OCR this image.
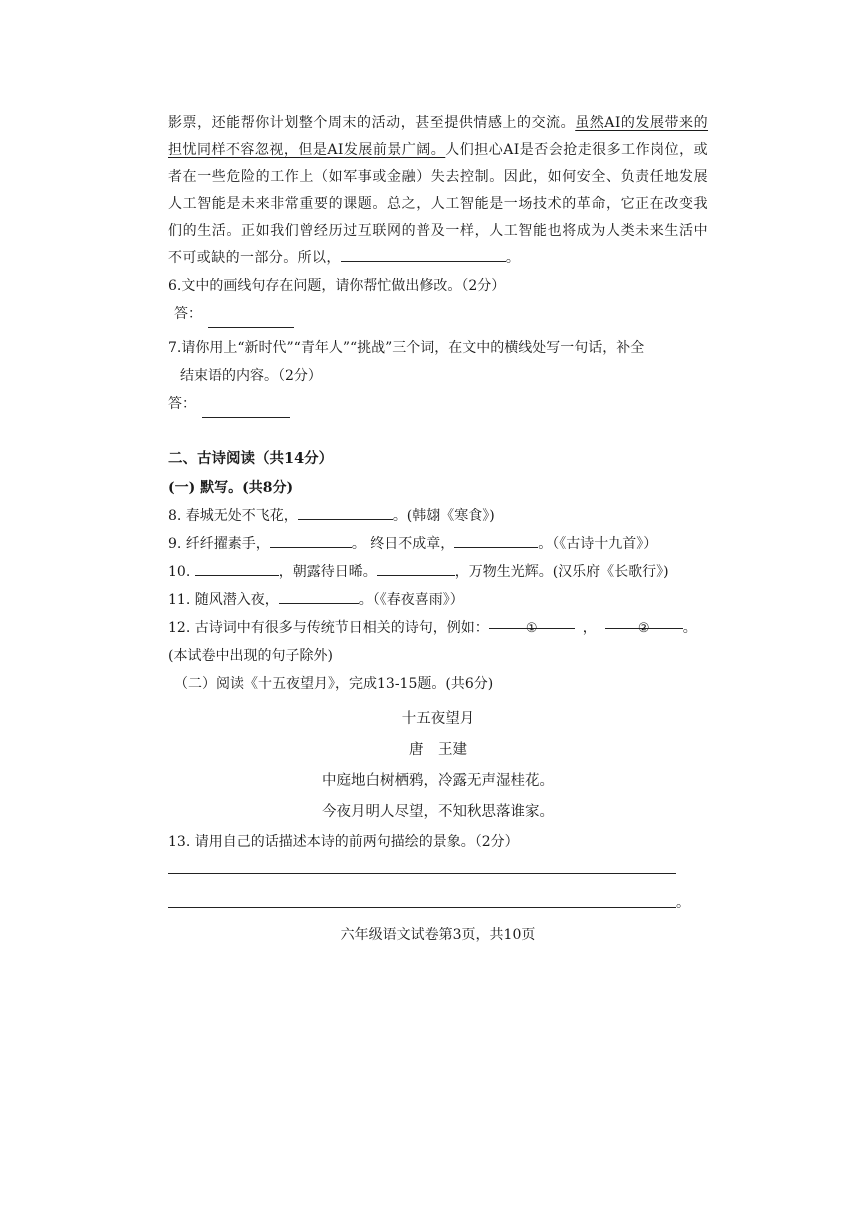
影票，还能帮你计划整个周末的活动，甚至提供情感上的交流。虽然AI的发展带来的担忧同样不容忽视，但是AI发展前景广阔。人们担心AI是否会抢走很多工作岗位，或者在一些危险的工作上（如军事或金融）失去控制。因此，如何安全、负责任地发展人工智能是未来非常重要的课题。总之，人工智能是一场技术的革命，它正在改变我们的生活。正如我们曾经历过互联网的普及一样，人工智能也将成为人类未来生活中不可或缺的一部分。所以，	。
6.文中的画线句存在问题，请你帮忙做出修改。（2分）
答：
7.请你用上“新时代”“青年人”“挑战”三个词，在文中的横线处写一句话，补全
结束语的内容。（2分）
答：
二、古诗阅读（共14分）
(一) 默写。(共8分)
8. 春城无处不飞花，	。(韩翃《寒食》)
9. 纤纤擢素手，	。 终日不成章，	。（《古诗十九首》）
10.	，朝露待日晞。	，万物生光辉。(汉乐府《长歌行》)
11. 随风潜入夜，	。（《春夜喜雨》）
12. 古诗词中有很多与传统节日相关的诗句，例如：	①	，	② 。
(本试卷中出现的句子除外)
（二）阅读《十五夜望月》，完成13-15题。(共6分)
十五夜望月
唐　王建
中庭地白树栖鸦，冷露无声湿桂花。
今夜月明人尽望，不知秋思落谁家。
13. 请用自己的话描述本诗的前两句描绘的景象。（2分）
。
六年级语文试卷第3页，共10页
